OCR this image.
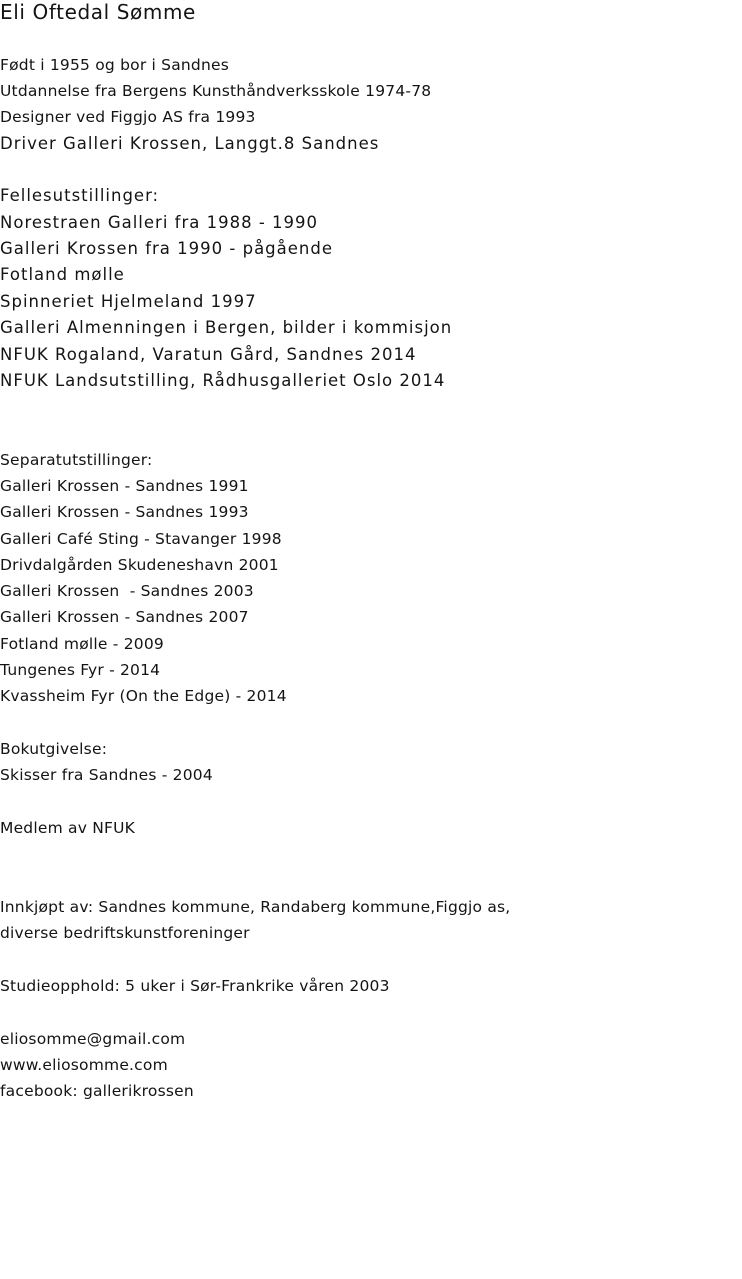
Eli Oftedal Sømme
Født i 1955 og bor i Sandnes
Utdannelse fra Bergens Kunsthåndverksskole 1974-78
Designer ved Figgjo AS fra 1993
Driver Galleri Krossen, Langgt.8 Sandnes
Fellesutstillinger:
Norestraen Galleri fra 1988 - 1990
Galleri Krossen fra 1990 - pågående
Fotland mølle
Spinneriet Hjelmeland 1997
Galleri Almenningen i Bergen, bilder i kommisjon
NFUK Rogaland, Varatun Gård, Sandnes 2014
NFUK Landsutstilling, Rådhusgalleriet Oslo 2014
Separatutstillinger:
Galleri Krossen - Sandnes 1991
Galleri Krossen - Sandnes 1993
Galleri Café Sting - Stavanger 1998
Drivdalgården Skudeneshavn 2001
Galleri Krossen  - Sandnes 2003
Galleri Krossen - Sandnes 2007
Fotland mølle - 2009
Tungenes Fyr - 2014
Kvassheim Fyr (On the Edge) - 2014
Bokutgivelse:
Skisser fra Sandnes - 2004
Medlem av NFUK
Innkjøpt av: Sandnes kommune, Randaberg kommune,Figgjo as,
diverse bedriftskunstforeninger
Studieopphold: 5 uker i Sør-Frankrike våren 2003
eliosomme@gmail.com
www.eliosomme.com
facebook: gallerikrossen
